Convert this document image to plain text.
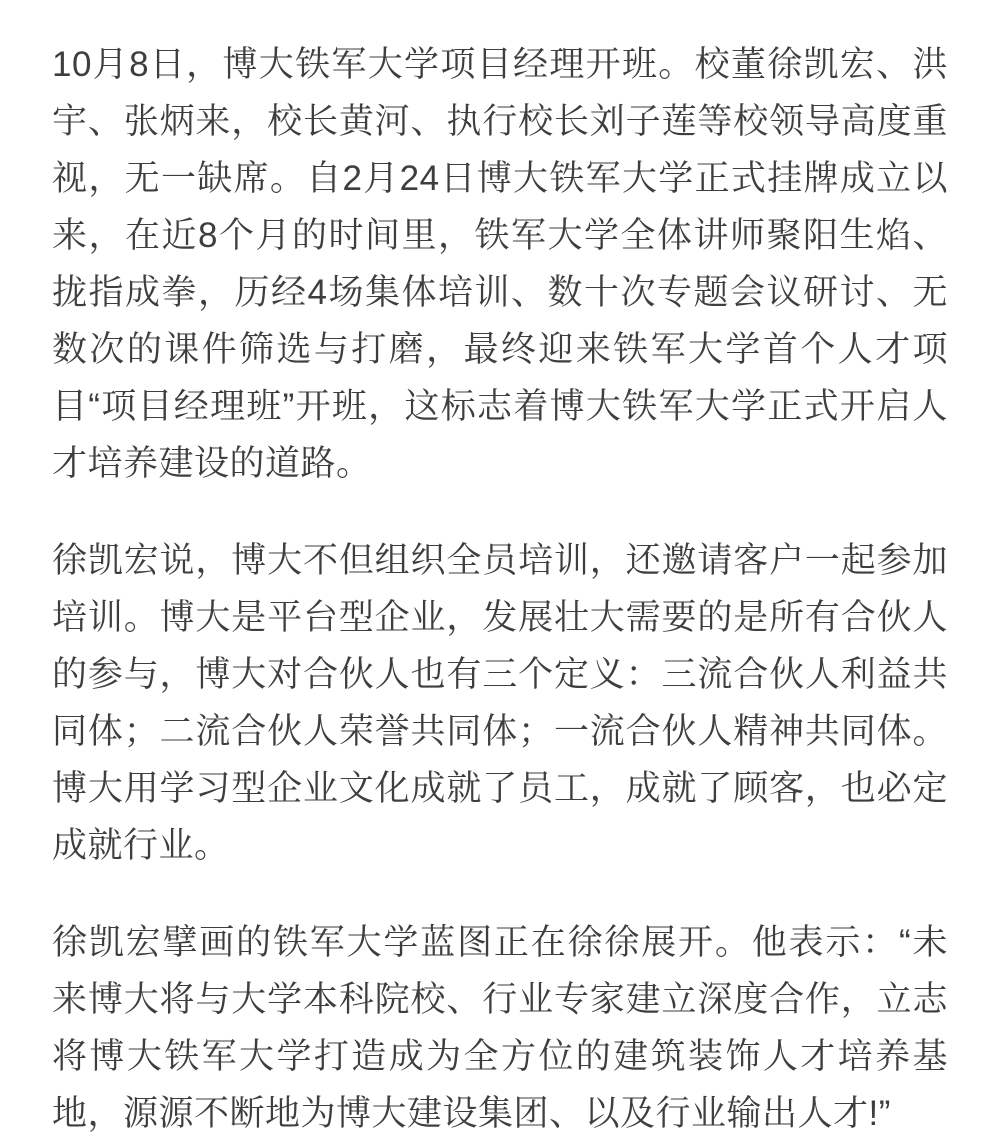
10月8日，博大铁军大学项目经理开班。校董徐凯宏、洪宇、张炳来，校长黄河、执行校长刘子莲等校领导高度重视，无一缺席。自2月24日博大铁军大学正式挂牌成立以来，在近8个月的时间里，铁军大学全体讲师聚阳生焰、拢指成拳，历经4场集体培训、数十次专题会议研讨、无数次的课件筛选与打磨，最终迎来铁军大学首个人才项目“项目经理班”开班，这标志着博大铁军大学正式开启人才培养建设的道路。

徐凯宏说，博大不但组织全员培训，还邀请客户一起参加培训。博大是平台型企业，发展壮大需要的是所有合伙人的参与，博大对合伙人也有三个定义：三流合伙人利益共同体；二流合伙人荣誉共同体；一流合伙人精神共同体。博大用学习型企业文化成就了员工，成就了顾客，也必定成就行业。

徐凯宏擘画的铁军大学蓝图正在徐徐展开。他表示：“未来博大将与大学本科院校、行业专家建立深度合作，立志将博大铁军大学打造成为全方位的建筑装饰人才培养基地，源源不断地为博大建设集团、以及行业输出人才!”
